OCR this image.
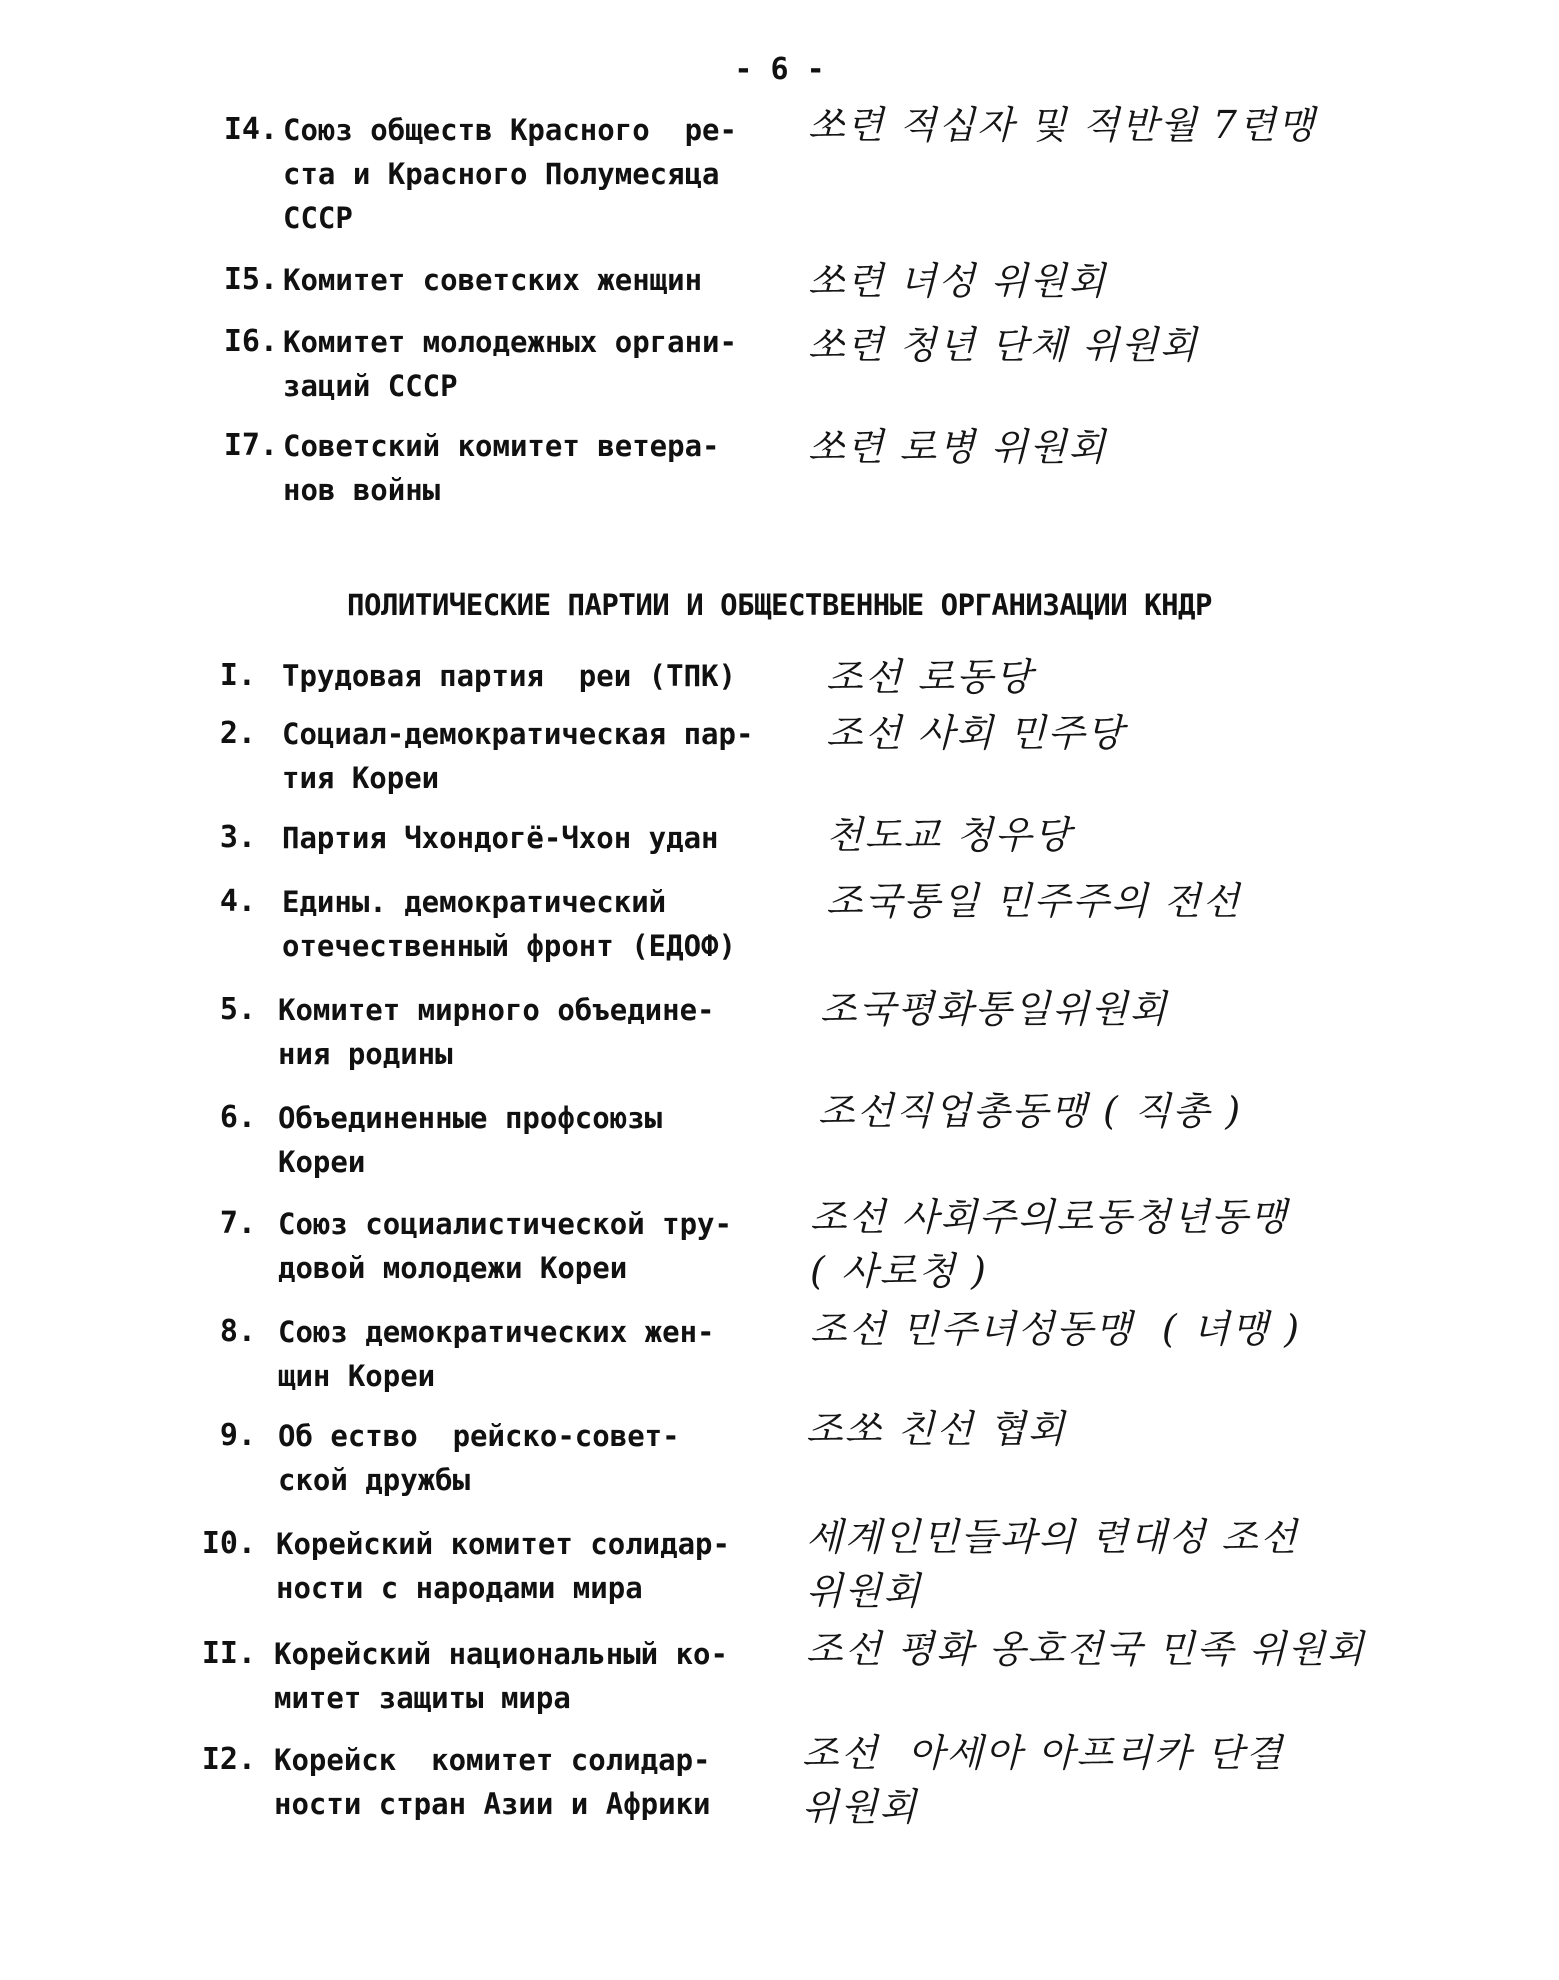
- 6 -
I4. Союз обществ Красного  ре-
ста и Красного Полумесяца
СССР
쏘련 적십자 및 적반월 7련맹
I5. Комитет советских женщин	쏘련 녀성 위원회
I6. Комитет молодежных органи-
заций СССР
쏘련 청년 단체 위원회
I7. Советский комитет ветера-
нов войны
쏘련 로병 위원회
ПОЛИТИЧЕСКИЕ ПАРТИИ И ОБЩЕСТВЕННЫЕ ОРГАНИЗАЦИИ КНДР
I. Трудовая партия  реи (ТПК) 조선 로동당
2. Социал-демократическая пар-
тия Кореи
조선 사회 민주당
3. Партия Чхондогё-Чхон удан	천도교 청우당
4. Едины. демократический
отечественный фронт (ЕДОФ)
조국통일 민주주의 전선
5. Комитет мирного объедине-
ния родины
조국평화통일위원회
6. Объединенные профсоюзы
Кореи
조선직업총동맹 ( 직총 )
7. Союз социалистической тру-
довой молодежи Кореи
조선 사회주의로동청년동맹
( 사로청 )
8. Союз демократических жен-
щин Кореи
조선 민주녀성동맹  ( 녀맹 )
9. Об ество  рейско-совет-
ской дружбы
조쏘 친선 협회
I0. Корейский комитет солидар-
ности с народами мира
세계인민들과의 련대성 조선
위원회
II. Корейский национальный ко-
митет защиты мира
조선 평화 옹호전국 민족 위원회
I2. Корейск  комитет солидар-
ности стран Азии и Африки
조선  아세아 아프리카 단결
위원회
